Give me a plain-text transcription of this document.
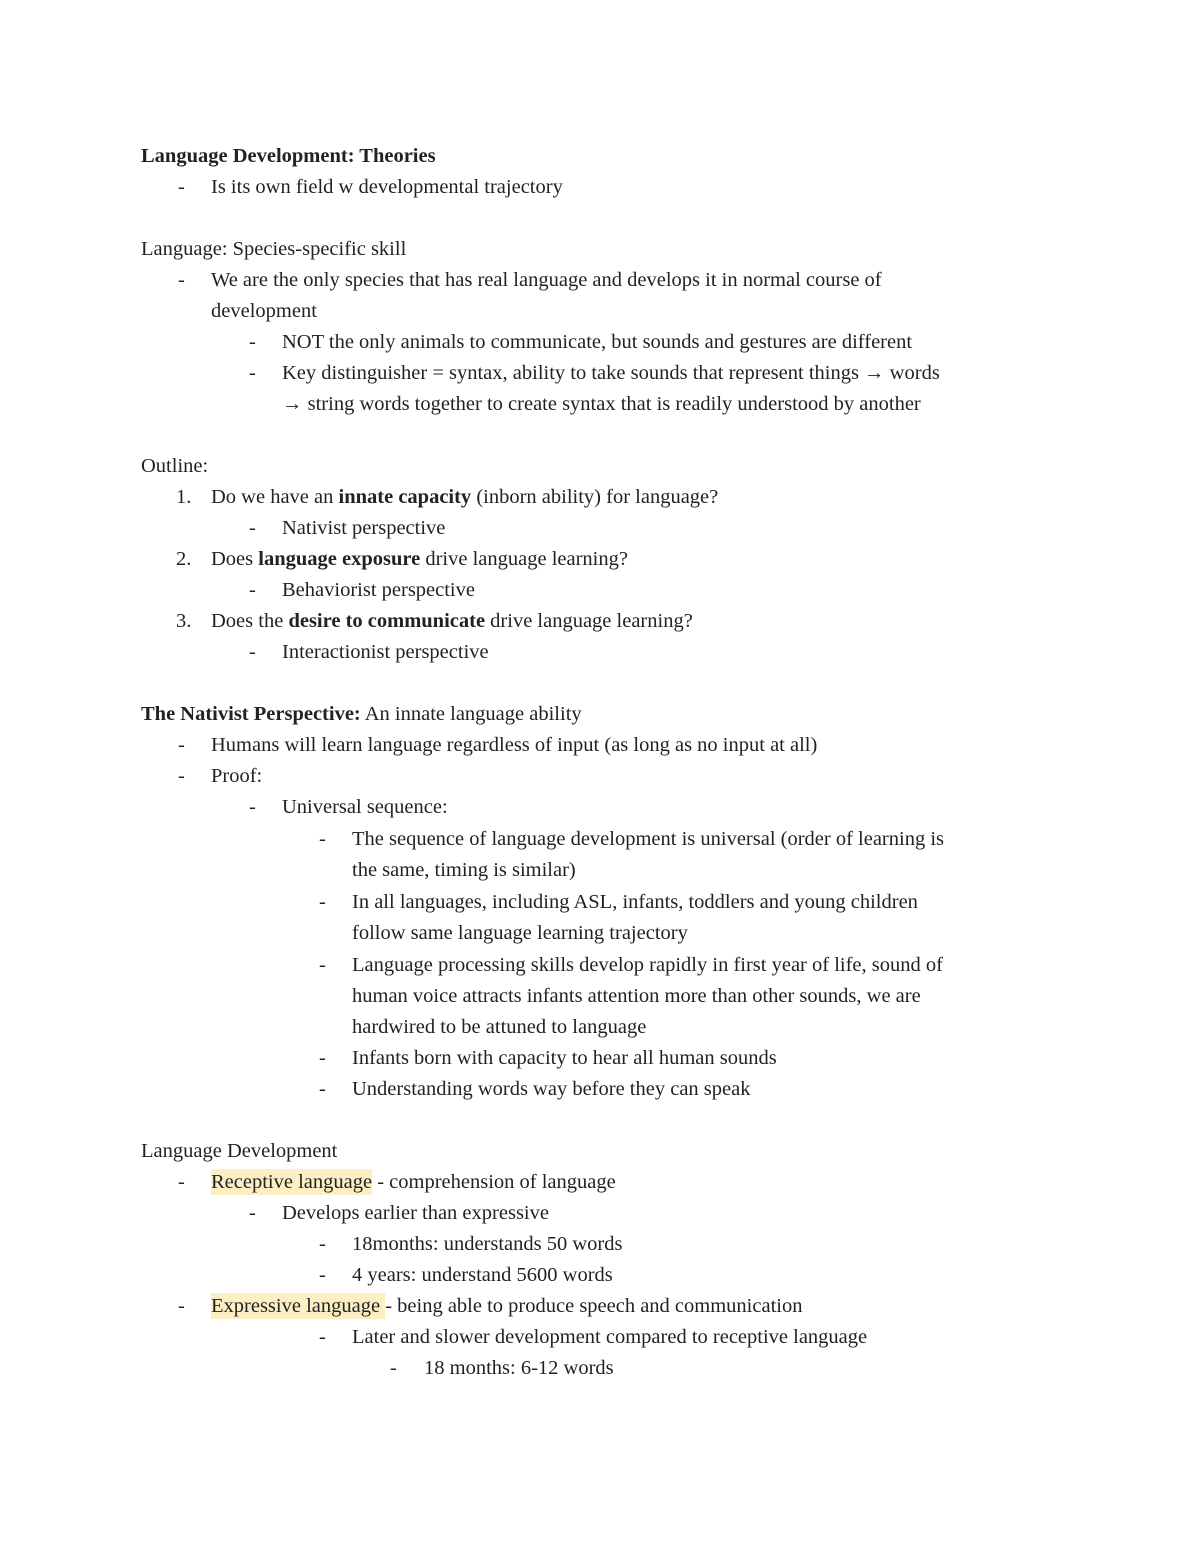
Language Development: Theories
- Is its own field w developmental trajectory
Language: Species-specific skill
- We are the only species that has real language and develops it in normal course of
development
- NOT the only animals to communicate, but sounds and gestures are different
- Key distinguisher = syntax, ability to take sounds that represent things → words
→ string words together to create syntax that is readily understood by another
Outline:
1. Do we have an innate capacity (inborn ability) for language?
- Nativist perspective
2. Does language exposure drive language learning?
- Behaviorist perspective
3. Does the desire to communicate drive language learning?
- Interactionist perspective
The Nativist Perspective: An innate language ability
- Humans will learn language regardless of input (as long as no input at all)
- Proof:
- Universal sequence:
- The sequence of language development is universal (order of learning is
the same, timing is similar)
- In all languages, including ASL, infants, toddlers and young children
follow same language learning trajectory
- Language processing skills develop rapidly in first year of life, sound of
human voice attracts infants attention more than other sounds, we are
hardwired to be attuned to language
- Infants born with capacity to hear all human sounds
- Understanding words way before they can speak
Language Development
- Receptive language - comprehension of language
- Develops earlier than expressive
- 18months: understands 50 words
- 4 years: understand 5600 words
- Expressive language - being able to produce speech and communication
- Later and slower development compared to receptive language
- 18 months: 6-12 words
